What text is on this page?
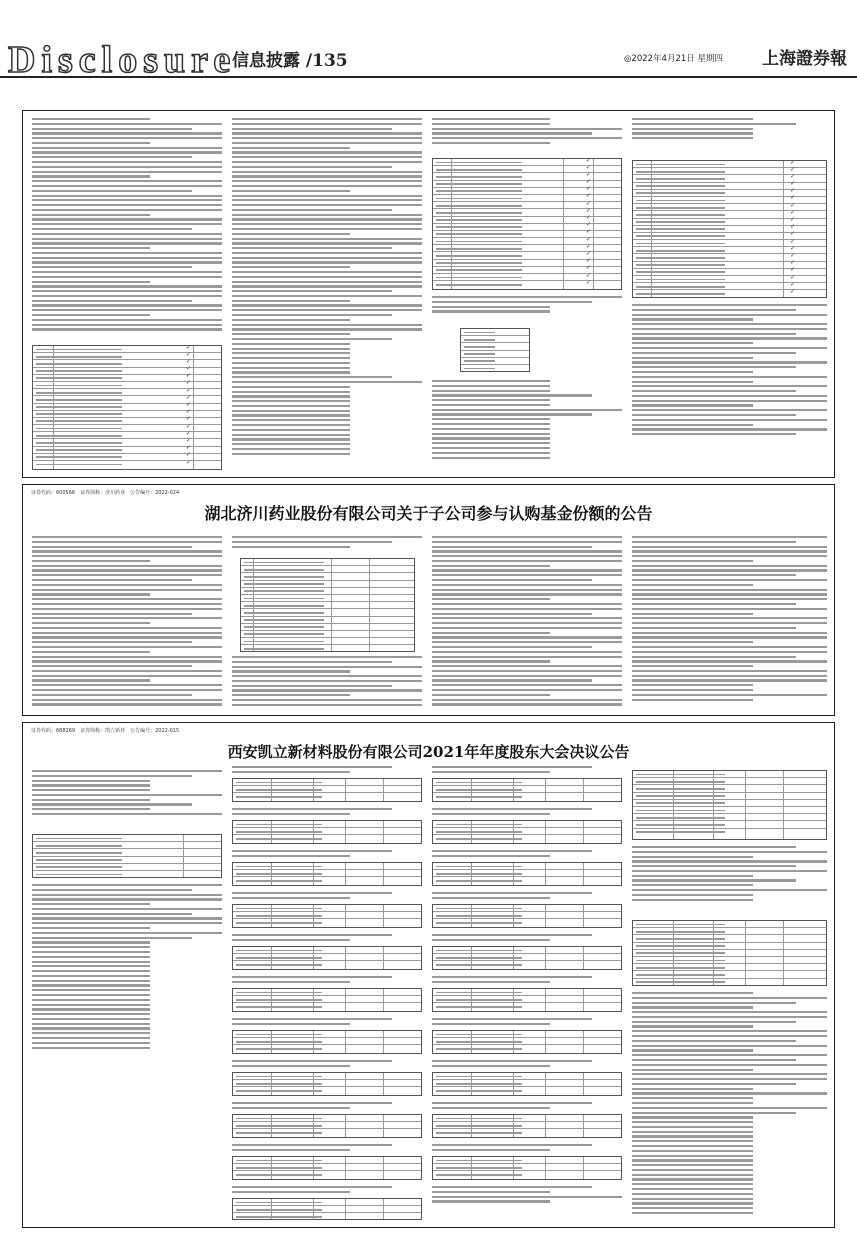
Disclosure
信息披露 /135	◎2022年4月21日 星期四 上海證券報
✓
✓
✓
✓
✓
✓
✓
✓
✓
✓
✓
✓
✓
✓
✓
✓
✓
✓
✓
✓
✓
✓
✓
✓
✓
✓
✓
✓
✓
✓
✓
✓
✓
✓
✓
✓
✓
✓
✓
✓
✓
✓
✓
✓
✓
✓
✓
✓
✓
✓
✓
✓
✓
✓
证券代码：600566　证券简称：济川药业　公告编号：2022-024
湖北济川药业股份有限公司关于子公司参与认购基金份额的公告
证券代码：688269　证券简称：凯立新材　公告编号：2022-015
西安凯立新材料股份有限公司2021年年度股东大会决议公告
